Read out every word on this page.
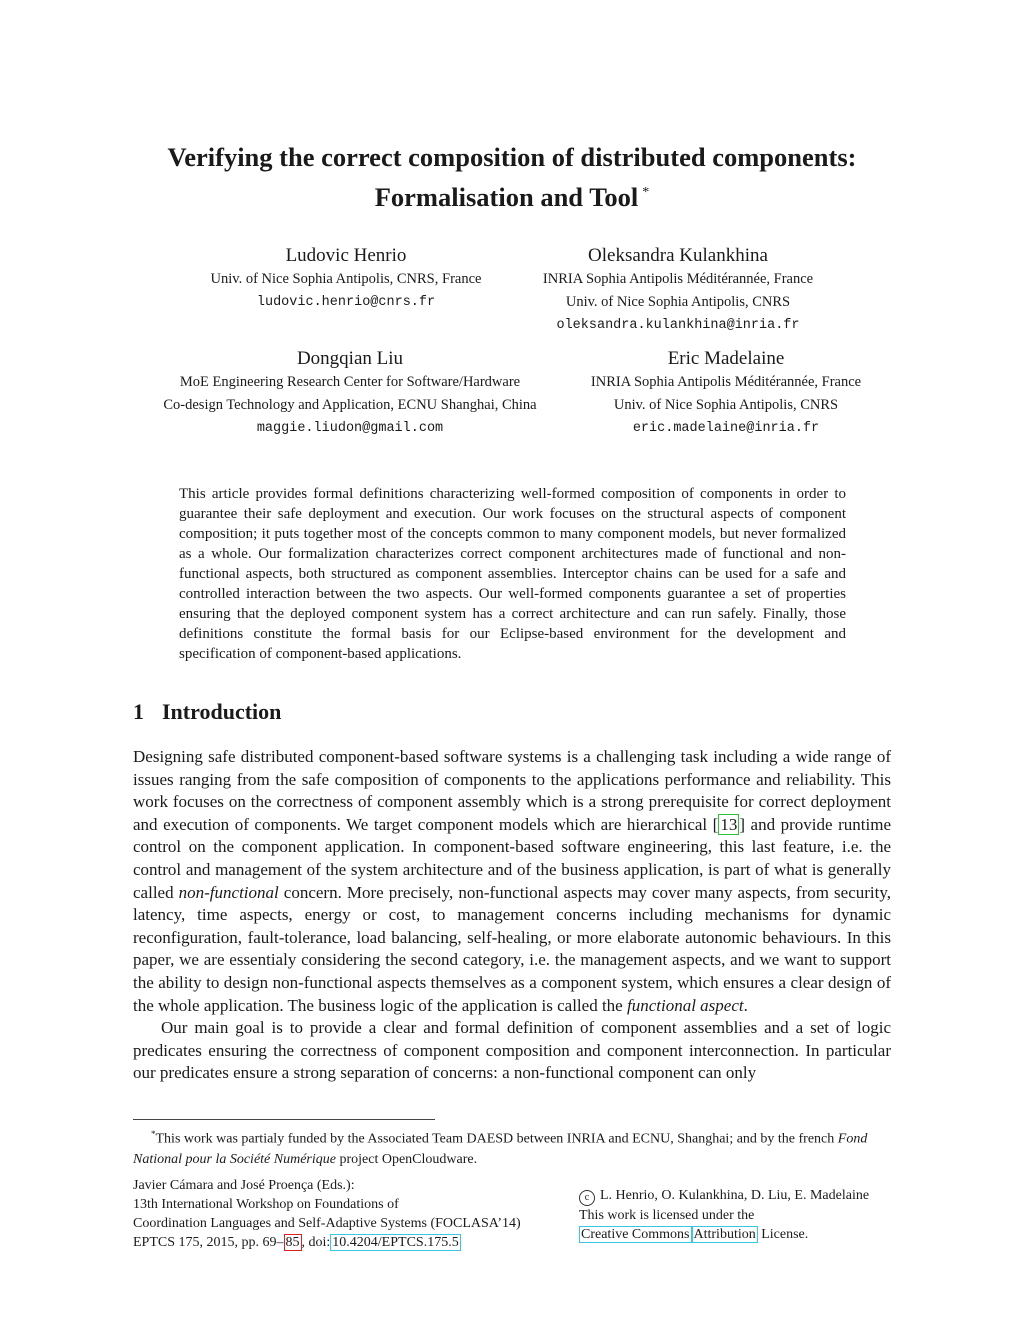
Verifying the correct composition of distributed components:
Formalisation and Tool *
Ludovic Henrio
Univ. of Nice Sophia Antipolis, CNRS, France
ludovic.henrio@cnrs.fr
Oleksandra Kulankhina
INRIA Sophia Antipolis Méditérannée, France
Univ. of Nice Sophia Antipolis, CNRS
oleksandra.kulankhina@inria.fr
Dongqian Liu
MoE Engineering Research Center for Software/Hardware
Co-design Technology and Application, ECNU Shanghai, China
maggie.liudon@gmail.com
Eric Madelaine
INRIA Sophia Antipolis Méditérannée, France
Univ. of Nice Sophia Antipolis, CNRS
eric.madelaine@inria.fr

This article provides formal definitions characterizing well-formed composition of components in order to guarantee their safe deployment and execution. Our work focuses on the structural aspects of component composition; it puts together most of the concepts common to many component models, but never formalized as a whole. Our formalization characterizes correct component architectures made of functional and non-functional aspects, both structured as component assemblies. Interceptor chains can be used for a safe and controlled interaction between the two aspects. Our well-formed components guarantee a set of properties ensuring that the deployed component system has a correct architecture and can run safely. Finally, those definitions constitute the formal basis for our Eclipse-based environment for the development and specification of component-based applications.

1 Introduction

Designing safe distributed component-based software systems is a challenging task including a wide range of issues ranging from the safe composition of components to the applications performance and reliability. This work focuses on the correctness of component assembly which is a strong prerequisite for correct deployment and execution of components. We target component models which are hierarchical [ 13 ] and provide runtime control on the component application. In component-based software engineering, this last feature, i.e. the control and management of the system architecture and of the business application, is part of what is generally called non-functional concern. More precisely, non-functional aspects may cover many aspects, from security, latency, time aspects, energy or cost, to management concerns including mechanisms for dynamic reconfiguration, fault-tolerance, load balancing, self-healing, or more elaborate autonomic behaviours. In this paper, we are essentialy considering the second category, i.e. the management aspects, and we want to support the ability to design non-functional aspects themselves as a component system, which ensures a clear design of the whole application. The business logic of the application is called the functional aspect.

Our main goal is to provide a clear and formal definition of component assemblies and a set of logic predicates ensuring the correctness of component composition and component interconnection. In particular our predicates ensure a strong separation of concerns: a non-functional component can only

*This work was partialy funded by the Associated Team DAESD between INRIA and ECNU, Shanghai; and by the french Fond National pour la Société Numérique project OpenCloudware.
Javier Cámara and José Proença (Eds.):
13th International Workshop on Foundations of
Coordination Languages and Self-Adaptive Systems (FOCLASA’14)
EPTCS 175, 2015, pp. 69– 85 , doi: 10.4204/EPTCS.175.5
c L. Henrio, O. Kulankhina, D. Liu, E. Madelaine
This work is licensed under the
Creative Commons Attribution License.
